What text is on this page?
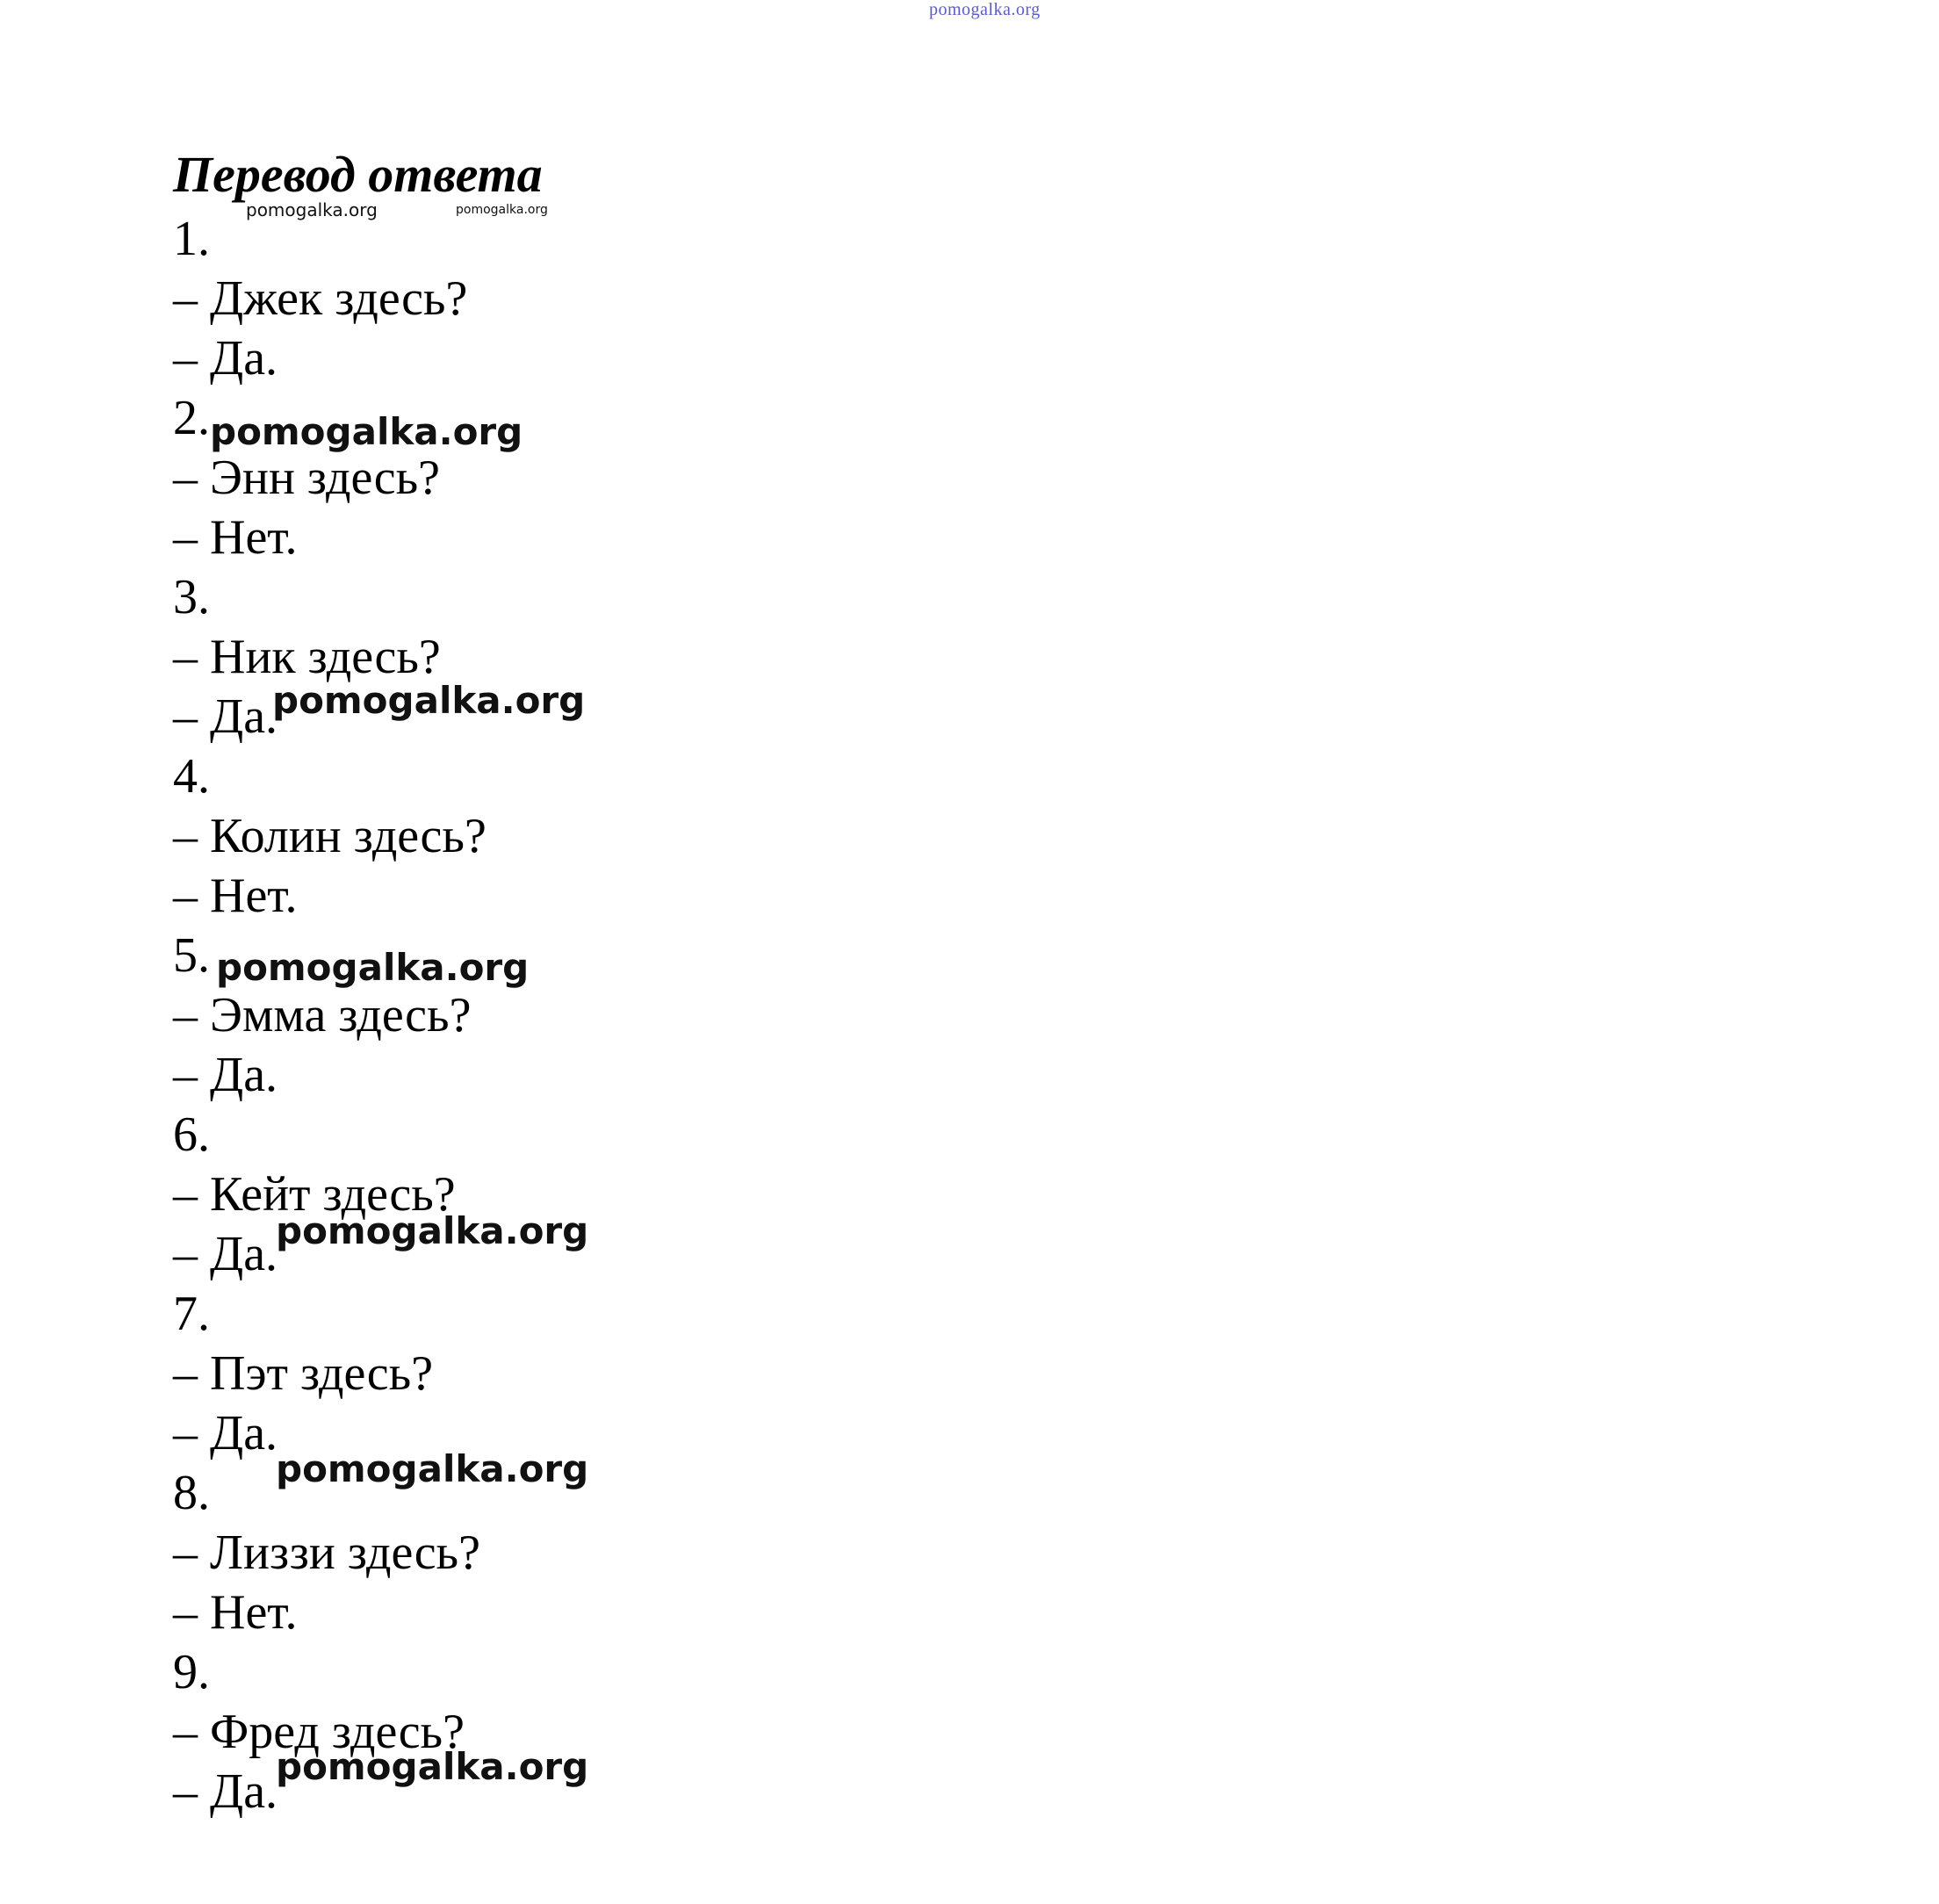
pomogalka.org
Перевод ответа
pomogalka.org	pomogalka.org
1.
– Джек здесь?
– Да.
2.
– Энн здесь?
– Нет.
3.
– Ник здесь?
– Да.
4.
– Колин здесь?
– Нет.
5.
– Эмма здесь?
– Да.
6.
– Кейт здесь?
– Да.
7.
– Пэт здесь?
– Да.
8.
– Лиззи здесь?
– Нет.
9.
– Фред здесь?
– Да.
pomogalka.org
pomogalka.org
pomogalka.org
pomogalka.org
pomogalka.org
pomogalka.org
